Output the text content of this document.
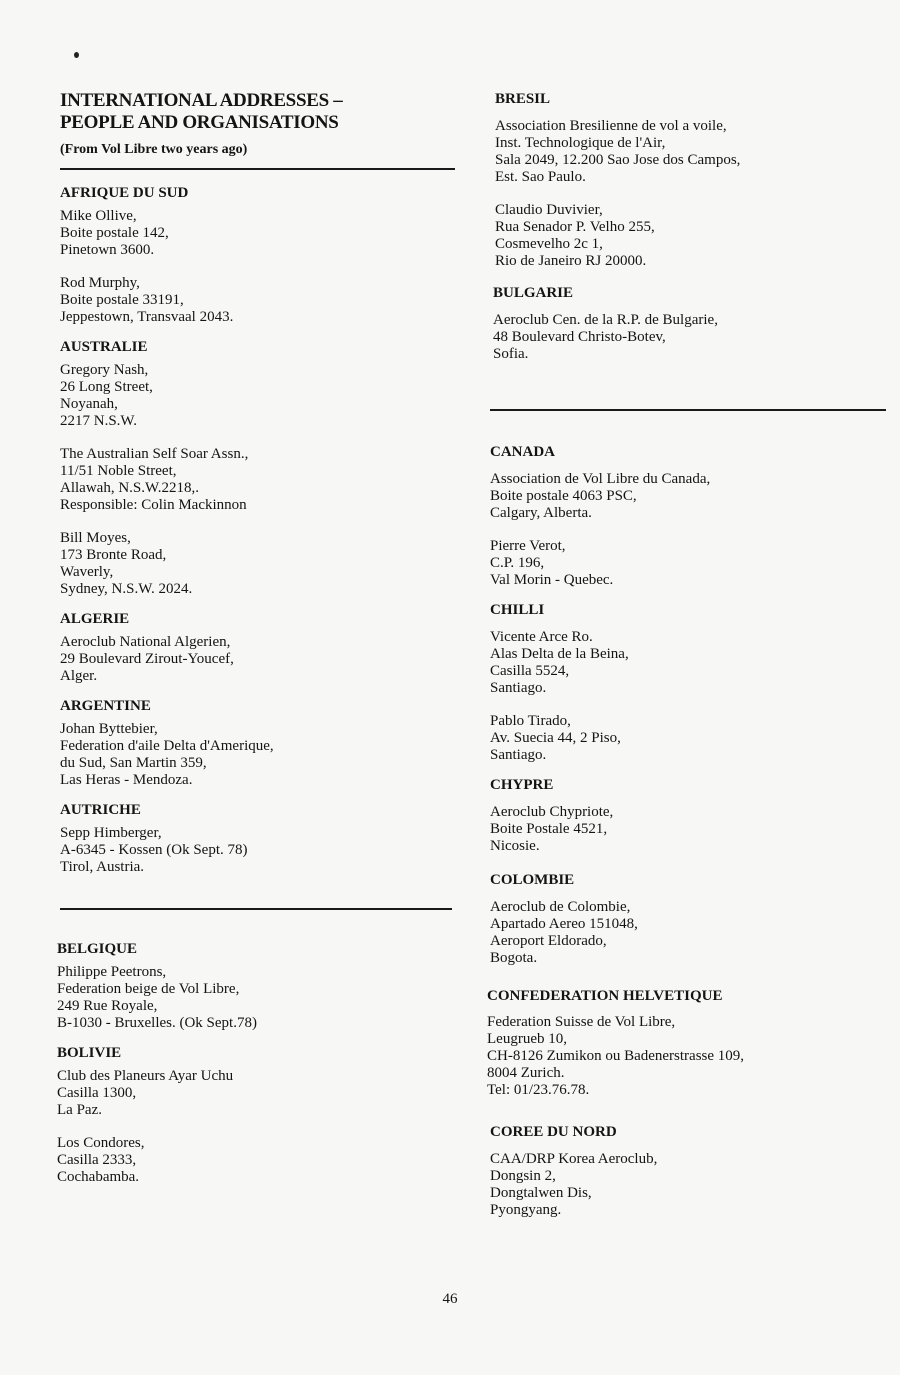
INTERNATIONAL ADDRESSES –
PEOPLE AND ORGANISATIONS
(From Vol Libre two years ago)
AFRIQUE DU SUD
Mike Ollive,
Boite postale 142,
Pinetown 3600.
Rod Murphy,
Boite postale 33191,
Jeppestown, Transvaal 2043.
AUSTRALIE
Gregory Nash,
26 Long Street,
Noyanah,
2217 N.S.W.
The Australian Self Soar Assn.,
11/51 Noble Street,
Allawah, N.S.W.2218,.
Responsible: Colin Mackinnon
Bill Moyes,
173 Bronte Road,
Waverly,
Sydney, N.S.W. 2024.
ALGERIE
Aeroclub National Algerien,
29 Boulevard Zirout-Youcef,
Alger.
ARGENTINE
Johan Byttebier,
Federation d'aile Delta d'Amerique,
du Sud, San Martin 359,
Las Heras - Mendoza.
AUTRICHE
Sepp Himberger,
A-6345 - Kossen (Ok Sept. 78)
Tirol, Austria.
BELGIQUE
Philippe Peetrons,
Federation beige de Vol Libre,
249 Rue Royale,
B-1030 - Bruxelles. (Ok Sept.78)
BOLIVIE
Club des Planeurs Ayar Uchu
Casilla 1300,
La Paz.
Los Condores,
Casilla 2333,
Cochabamba.
BRESIL
Association Bresilienne de vol a voile,
Inst. Technologique de l'Air,
Sala 2049, 12.200 Sao Jose dos Campos,
Est. Sao Paulo.
Claudio Duvivier,
Rua Senador P. Velho 255,
Cosmevelho 2c 1,
Rio de Janeiro RJ 20000.
BULGARIE
Aeroclub Cen. de la R.P. de Bulgarie,
48 Boulevard Christo-Botev,
Sofia.
CANADA
Association de Vol Libre du Canada,
Boite postale 4063 PSC,
Calgary, Alberta.
Pierre Verot,
C.P. 196,
Val Morin - Quebec.
CHILLI
Vicente Arce Ro.
Alas Delta de la Beina,
Casilla 5524,
Santiago.
Pablo Tirado,
Av. Suecia 44, 2 Piso,
Santiago.
CHYPRE
Aeroclub Chypriote,
Boite Postale 4521,
Nicosie.
COLOMBIE
Aeroclub de Colombie,
Apartado Aereo 151048,
Aeroport Eldorado,
Bogota.
CONFEDERATION HELVETIQUE
Federation Suisse de Vol Libre,
Leugrueb 10,
CH-8126 Zumikon ou Badenerstrasse 109,
8004 Zurich.
Tel: 01/23.76.78.
COREE DU NORD
CAA/DRP Korea Aeroclub,
Dongsin 2,
Dongtalwen Dis,
Pyongyang.
46
